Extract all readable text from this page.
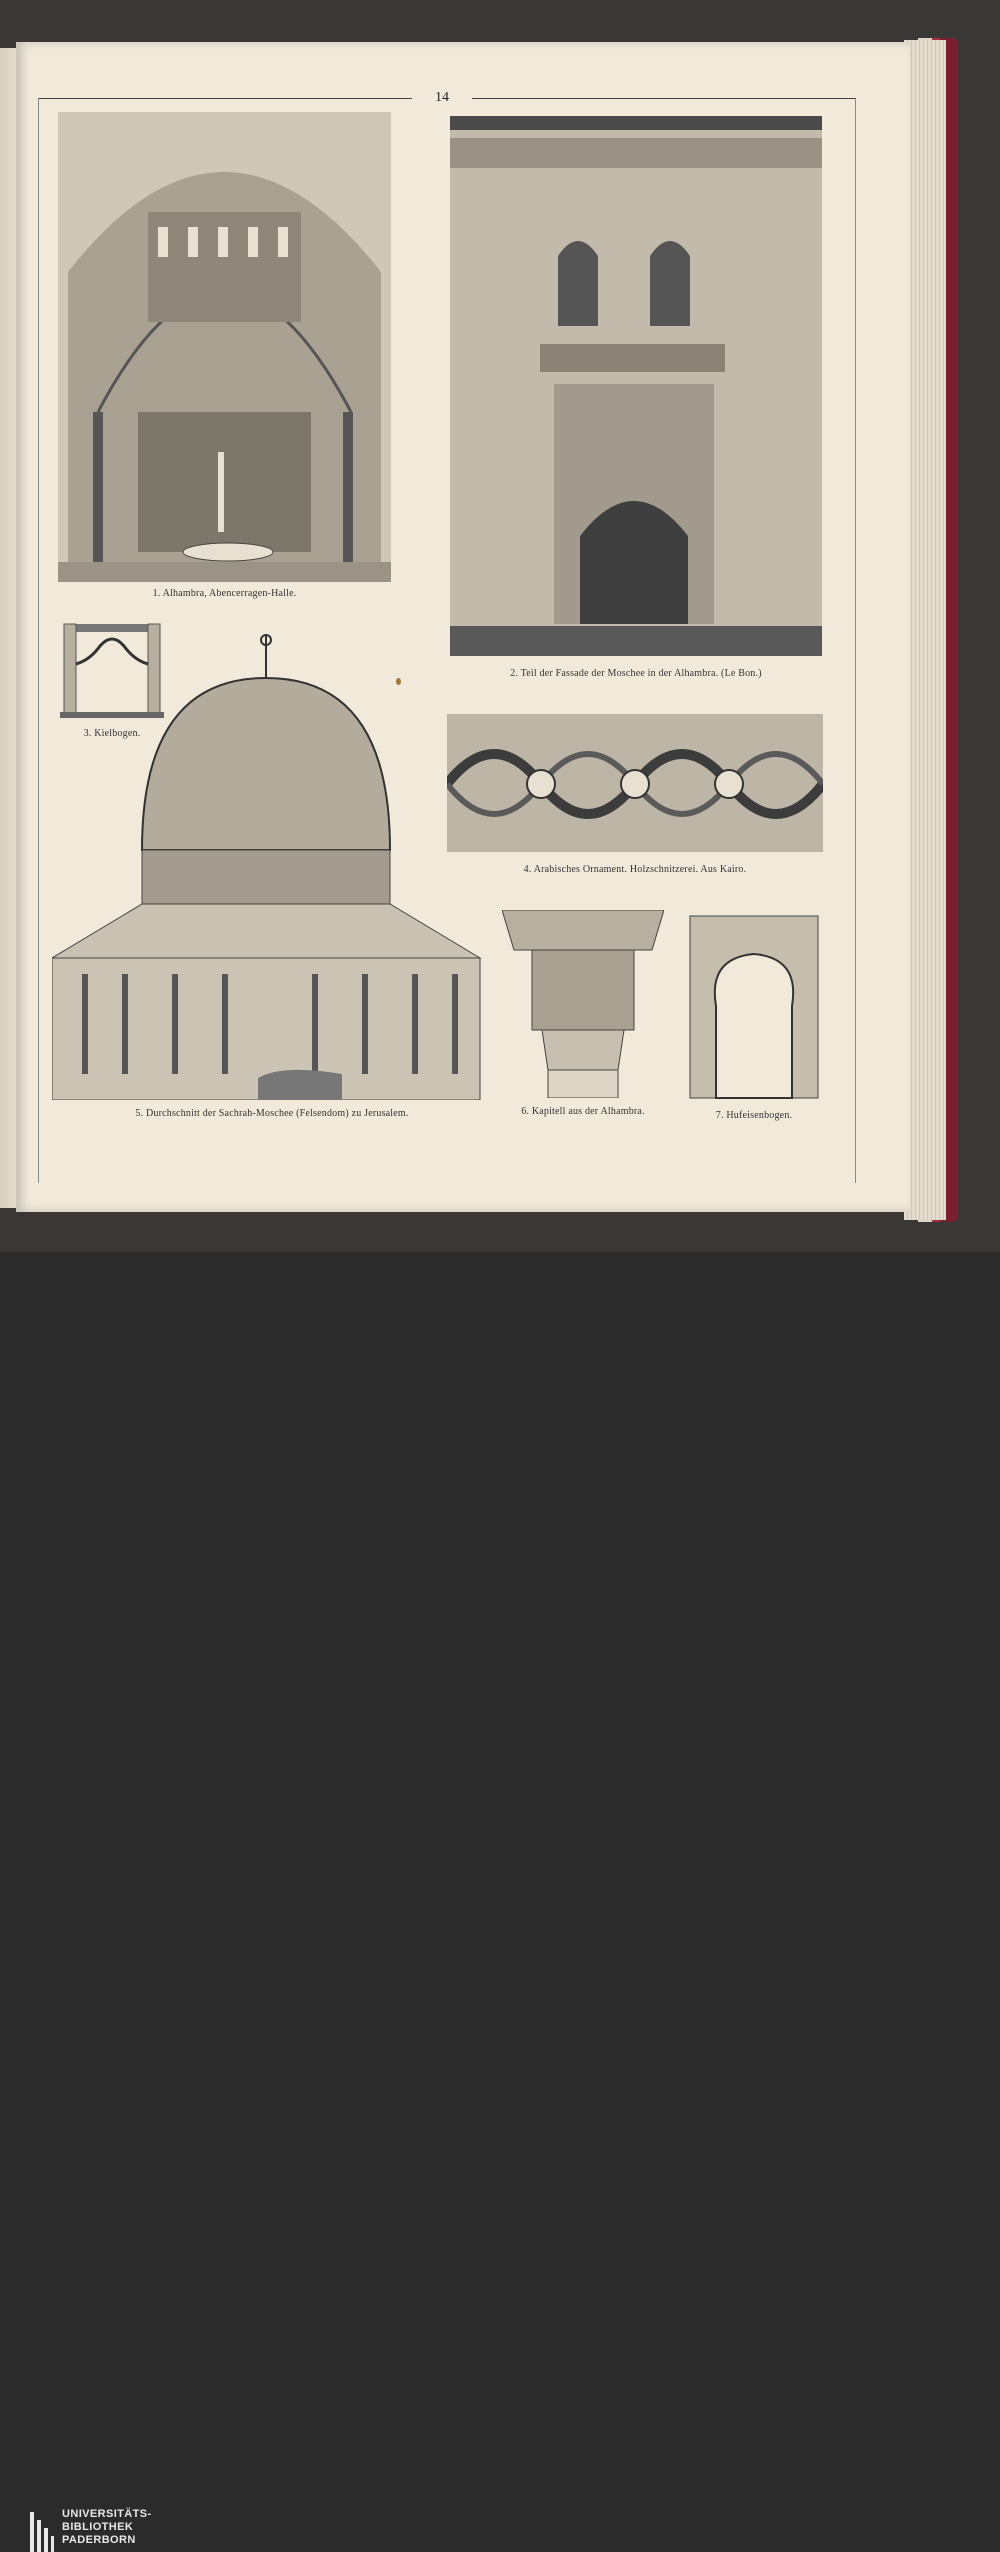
14
1. Alhambra, Abencerragen-Halle.
2. Teil der Fassade der Moschee in der Alhambra. (Le Bon.)
3. Kielbogen.
4. Arabisches Ornament. Holzschnitzerei. Aus Kairo.
5. Durchschnitt der Sachrah-Moschee (Felsendom) zu Jerusalem.	6. Kapitell aus der Alhambra.	7. Hufeisenbogen.
UNIVERSITÄTS-
BIBLIOTHEK
PADERBORN
